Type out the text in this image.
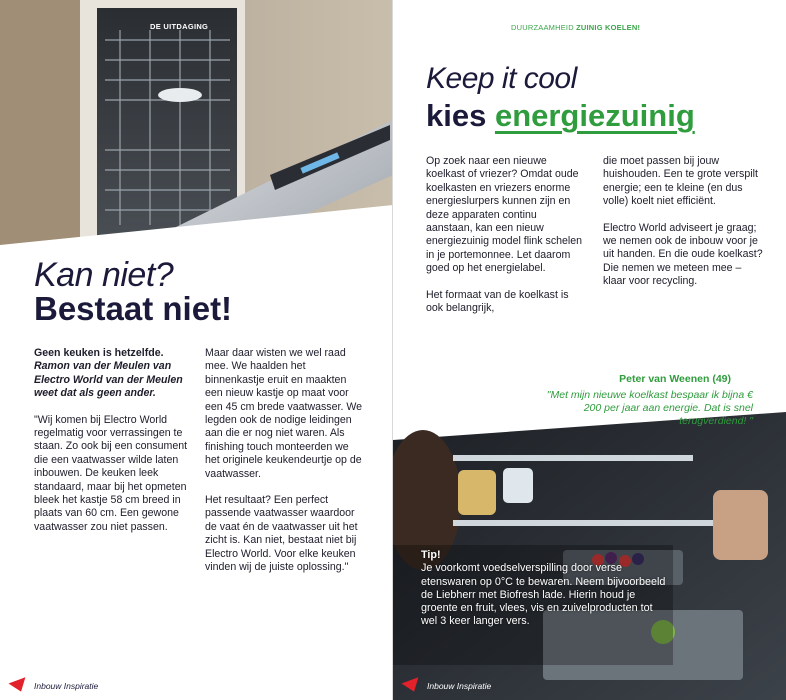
DE UITDAGING
Kan niet?
Bestaat niet!

Geen keuken is hetzelfde. Ramon van der Meulen van Electro World van der Meulen weet dat als geen ander.

"Wij komen bij Electro World regelmatig voor verrassingen te staan. Zo ook bij een consument die een vaatwasser wilde laten inbouwen. De keuken leek standaard, maar bij het opmeten bleek het kastje 58 cm breed in plaats van 60 cm. Een gewone vaatwasser zou niet passen.

Maar daar wisten we wel raad mee. We haalden het binnenkastje eruit en maakten een nieuw kastje op maat voor een 45 cm brede vaatwasser. We legden ook de nodige leidingen aan die er nog niet waren. Als finishing touch monteerden we het originele keukendeurtje op de vaatwasser.

Het resultaat? Een perfect passende vaatwasser waardoor de vaat én de vaatwasser uit het zicht is. Kan niet, bestaat niet bij Electro World. Voor elke keuken vinden wij de juiste oplossing."

Inbouw Inspiratie
DUURZAAMHEID ZUINIG KOELEN!
Keep it cool
kies energiezuinig

Op zoek naar een nieuwe koelkast of vriezer? Omdat oude koelkasten en vriezers enorme energieslurpers kunnen zijn en deze apparaten continu aanstaan, kan een nieuw energiezuinig model flink schelen in je portemonnee. Let daarom goed op het energielabel.

Het formaat van de koelkast is ook belangrijk,

die moet passen bij jouw huishouden. Een te grote verspilt energie; een te kleine (en dus volle) koelt niet efficiënt.

Electro World adviseert je graag; we nemen ook de inbouw voor je uit handen. En die oude koelkast? Die nemen we meteen mee – klaar voor recycling.

Peter van Weenen (49)
"Met mijn nieuwe koelkast bespaar ik bijna € 200 per jaar aan energie. Dat is snel terugverdiend! "
Tip!
Je voorkomt voedselverspilling door verse etenswaren op 0°C te bewaren. Neem bijvoorbeeld de Liebherr met Biofresh lade. Hierin houd je groente en fruit, vlees, vis en zuivelproducten tot wel 3 keer langer vers.
Inbouw Inspiratie
